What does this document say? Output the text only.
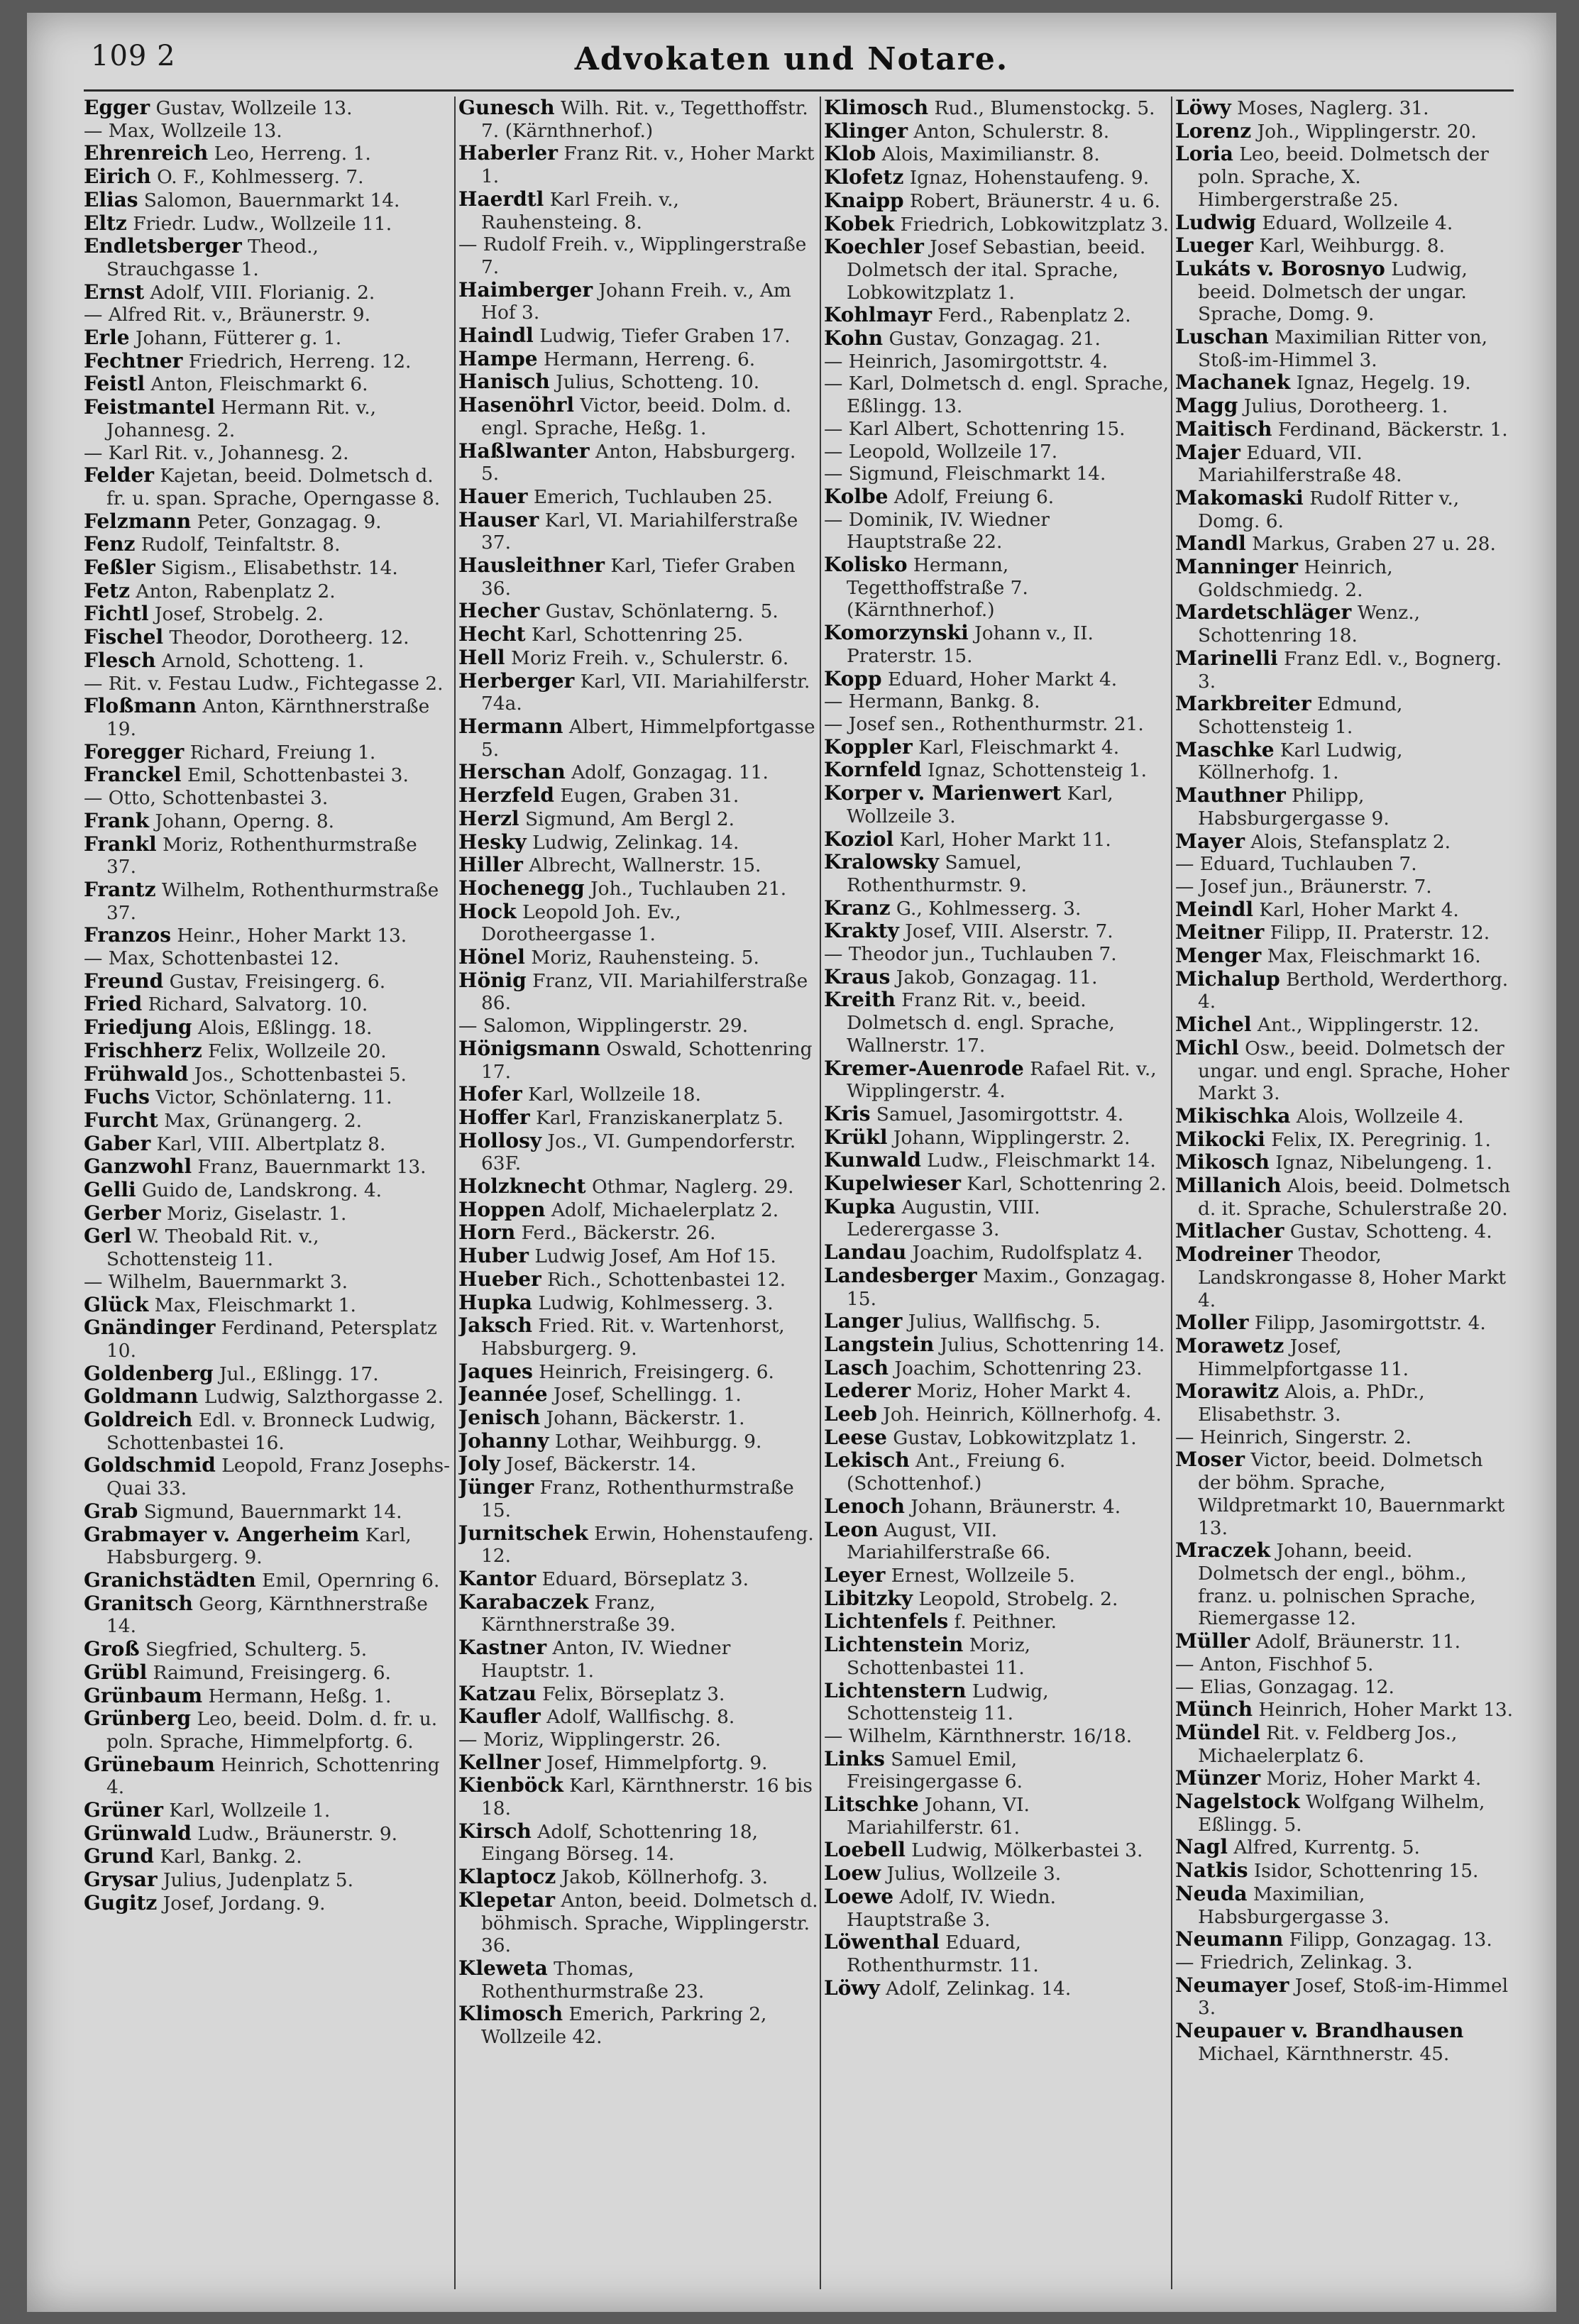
109 2	Advokaten und Notare.
Egger Gustav, Wollzeile 13.
— Max, Wollzeile 13.
Ehrenreich Leo, Herreng. 1.
Eirich O. F., Kohlmesserg. 7.
Elias Salomon, Bauernmarkt 14.
Eltz Friedr. Ludw., Wollzeile 11.
Endletsberger Theod., Strauchgasse 1.
Ernst Adolf, VIII. Florianig. 2.
— Alfred Rit. v., Bräunerstr. 9.
Erle Johann, Fütterer g. 1.
Fechtner Friedrich, Herreng. 12.
Feistl Anton, Fleischmarkt 6.
Feistmantel Hermann Rit. v., Johannesg. 2.
— Karl Rit. v., Johannesg. 2.
Felder Kajetan, beeid. Dolmetsch d. fr. u. span. Sprache, Operngasse 8.
Felzmann Peter, Gonzagag. 9.
Fenz Rudolf, Teinfaltstr. 8.
Feßler Sigism., Elisabethstr. 14.
Fetz Anton, Rabenplatz 2.
Fichtl Josef, Strobelg. 2.
Fischel Theodor, Dorotheerg. 12.
Flesch Arnold, Schotteng. 1.
— Rit. v. Festau Ludw., Fichtegasse 2.
Floßmann Anton, Kärnthnerstraße 19.
Foregger Richard, Freiung 1.
Franckel Emil, Schottenbastei 3.
— Otto, Schottenbastei 3.
Frank Johann, Operng. 8.
Frankl Moriz, Rothenthurmstraße 37.
Frantz Wilhelm, Rothenthurmstraße 37.
Franzos Heinr., Hoher Markt 13.
— Max, Schottenbastei 12.
Freund Gustav, Freisingerg. 6.
Fried Richard, Salvatorg. 10.
Friedjung Alois, Eßlingg. 18.
Frischherz Felix, Wollzeile 20.
Frühwald Jos., Schottenbastei 5.
Fuchs Victor, Schönlaterng. 11.
Furcht Max, Grünangerg. 2.
Gaber Karl, VIII. Albertplatz 8.
Ganzwohl Franz, Bauernmarkt 13.
Gelli Guido de, Landskrong. 4.
Gerber Moriz, Giselastr. 1.
Gerl W. Theobald Rit. v., Schottensteig 11.
— Wilhelm, Bauernmarkt 3.
Glück Max, Fleischmarkt 1.
Gnändinger Ferdinand, Petersplatz 10.
Goldenberg Jul., Eßlingg. 17.
Goldmann Ludwig, Salzthorgasse 2.
Goldreich Edl. v. Bronneck Ludwig, Schottenbastei 16.
Goldschmid Leopold, Franz Josephs-Quai 33.
Grab Sigmund, Bauernmarkt 14.
Grabmayer v. Angerheim Karl, Habsburgerg. 9.
Granichstädten Emil, Opernring 6.
Granitsch Georg, Kärnthnerstraße 14.
Groß Siegfried, Schulterg. 5.
Grübl Raimund, Freisingerg. 6.
Grünbaum Hermann, Heßg. 1.
Grünberg Leo, beeid. Dolm. d. fr. u. poln. Sprache, Himmelpfortg. 6.
Grünebaum Heinrich, Schottenring 4.
Grüner Karl, Wollzeile 1.
Grünwald Ludw., Bräunerstr. 9.
Grund Karl, Bankg. 2.
Grysar Julius, Judenplatz 5.
Gugitz Josef, Jordang. 9.
Gunesch Wilh. Rit. v., Tegetthoffstr. 7. (Kärnthnerhof.)
Haberler Franz Rit. v., Hoher Markt 1.
Haerdtl Karl Freih. v., Rauhensteing. 8.
— Rudolf Freih. v., Wipplingerstraße 7.
Haimberger Johann Freih. v., Am Hof 3.
Haindl Ludwig, Tiefer Graben 17.
Hampe Hermann, Herreng. 6.
Hanisch Julius, Schotteng. 10.
Hasenöhrl Victor, beeid. Dolm. d. engl. Sprache, Heßg. 1.
Haßlwanter Anton, Habsburgerg. 5.
Hauer Emerich, Tuchlauben 25.
Hauser Karl, VI. Mariahilferstraße 37.
Hausleithner Karl, Tiefer Graben 36.
Hecher Gustav, Schönlaterng. 5.
Hecht Karl, Schottenring 25.
Hell Moriz Freih. v., Schulerstr. 6.
Herberger Karl, VII. Mariahilferstr. 74a.
Hermann Albert, Himmelpfortgasse 5.
Herschan Adolf, Gonzagag. 11.
Herzfeld Eugen, Graben 31.
Herzl Sigmund, Am Bergl 2.
Hesky Ludwig, Zelinkag. 14.
Hiller Albrecht, Wallnerstr. 15.
Hochenegg Joh., Tuchlauben 21.
Hock Leopold Joh. Ev., Dorotheergasse 1.
Hönel Moriz, Rauhensteing. 5.
Hönig Franz, VII. Mariahilferstraße 86.
— Salomon, Wipplingerstr. 29.
Hönigsmann Oswald, Schottenring 17.
Hofer Karl, Wollzeile 18.
Hoffer Karl, Franziskanerplatz 5.
Hollosy Jos., VI. Gumpendorferstr. 63F.
Holzknecht Othmar, Naglerg. 29.
Hoppen Adolf, Michaelerplatz 2.
Horn Ferd., Bäckerstr. 26.
Huber Ludwig Josef, Am Hof 15.
Hueber Rich., Schottenbastei 12.
Hupka Ludwig, Kohlmesserg. 3.
Jaksch Fried. Rit. v. Wartenhorst, Habsburgerg. 9.
Jaques Heinrich, Freisingerg. 6.
Jeannée Josef, Schellingg. 1.
Jenisch Johann, Bäckerstr. 1.
Johanny Lothar, Weihburgg. 9.
Joly Josef, Bäckerstr. 14.
Jünger Franz, Rothenthurmstraße 15.
Jurnitschek Erwin, Hohenstaufeng. 12.
Kantor Eduard, Börseplatz 3.
Karabaczek Franz, Kärnthnerstraße 39.
Kastner Anton, IV. Wiedner Hauptstr. 1.
Katzau Felix, Börseplatz 3.
Kaufler Adolf, Wallfischg. 8.
— Moriz, Wipplingerstr. 26.
Kellner Josef, Himmelpfortg. 9.
Kienböck Karl, Kärnthnerstr. 16 bis 18.
Kirsch Adolf, Schottenring 18, Eingang Börseg. 14.
Klaptocz Jakob, Köllnerhofg. 3.
Klepetar Anton, beeid. Dolmetsch d. böhmisch. Sprache, Wipplingerstr. 36.
Kleweta Thomas, Rothenthurmstraße 23.
Klimosch Emerich, Parkring 2, Wollzeile 42.
Klimosch Rud., Blumenstockg. 5.
Klinger Anton, Schulerstr. 8.
Klob Alois, Maximilianstr. 8.
Klofetz Ignaz, Hohenstaufeng. 9.
Knaipp Robert, Bräunerstr. 4 u. 6.
Kobek Friedrich, Lobkowitzplatz 3.
Koechler Josef Sebastian, beeid. Dolmetsch der ital. Sprache, Lobkowitzplatz 1.
Kohlmayr Ferd., Rabenplatz 2.
Kohn Gustav, Gonzagag. 21.
— Heinrich, Jasomirgottstr. 4.
— Karl, Dolmetsch d. engl. Sprache, Eßlingg. 13.
— Karl Albert, Schottenring 15.
— Leopold, Wollzeile 17.
— Sigmund, Fleischmarkt 14.
Kolbe Adolf, Freiung 6.
— Dominik, IV. Wiedner Hauptstraße 22.
Kolisko Hermann, Tegetthoffstraße 7. (Kärnthnerhof.)
Komorzynski Johann v., II. Praterstr. 15.
Kopp Eduard, Hoher Markt 4.
— Hermann, Bankg. 8.
— Josef sen., Rothenthurmstr. 21.
Koppler Karl, Fleischmarkt 4.
Kornfeld Ignaz, Schottensteig 1.
Korper v. Marienwert Karl, Wollzeile 3.
Koziol Karl, Hoher Markt 11.
Kralowsky Samuel, Rothenthurmstr. 9.
Kranz G., Kohlmesserg. 3.
Krakty Josef, VIII. Alserstr. 7.
— Theodor jun., Tuchlauben 7.
Kraus Jakob, Gonzagag. 11.
Kreith Franz Rit. v., beeid. Dolmetsch d. engl. Sprache, Wallnerstr. 17.
Kremer-Auenrode Rafael Rit. v., Wipplingerstr. 4.
Kris Samuel, Jasomirgottstr. 4.
Krükl Johann, Wipplingerstr. 2.
Kunwald Ludw., Fleischmarkt 14.
Kupelwieser Karl, Schottenring 2.
Kupka Augustin, VIII. Lederergasse 3.
Landau Joachim, Rudolfsplatz 4.
Landesberger Maxim., Gonzagag. 15.
Langer Julius, Wallfischg. 5.
Langstein Julius, Schottenring 14.
Lasch Joachim, Schottenring 23.
Lederer Moriz, Hoher Markt 4.
Leeb Joh. Heinrich, Köllnerhofg. 4.
Leese Gustav, Lobkowitzplatz 1.
Lekisch Ant., Freiung 6. (Schottenhof.)
Lenoch Johann, Bräunerstr. 4.
Leon August, VII. Mariahilferstraße 66.
Leyer Ernest, Wollzeile 5.
Libitzky Leopold, Strobelg. 2.
Lichtenfels f. Peithner.
Lichtenstein Moriz, Schottenbastei 11.
Lichtenstern Ludwig, Schottensteig 11.
— Wilhelm, Kärnthnerstr. 16/18.
Links Samuel Emil, Freisingergasse 6.
Litschke Johann, VI. Mariahilferstr. 61.
Loebell Ludwig, Mölkerbastei 3.
Loew Julius, Wollzeile 3.
Loewe Adolf, IV. Wiedn. Hauptstraße 3.
Löwenthal Eduard, Rothenthurmstr. 11.
Löwy Adolf, Zelinkag. 14.
Löwy Moses, Naglerg. 31.
Lorenz Joh., Wipplingerstr. 20.
Loria Leo, beeid. Dolmetsch der poln. Sprache, X. Himbergerstraße 25.
Ludwig Eduard, Wollzeile 4.
Lueger Karl, Weihburgg. 8.
Lukáts v. Borosnyo Ludwig, beeid. Dolmetsch der ungar. Sprache, Domg. 9.
Luschan Maximilian Ritter von, Stoß-im-Himmel 3.
Machanek Ignaz, Hegelg. 19.
Magg Julius, Dorotheerg. 1.
Maitisch Ferdinand, Bäckerstr. 1.
Majer Eduard, VII. Mariahilferstraße 48.
Makomaski Rudolf Ritter v., Domg. 6.
Mandl Markus, Graben 27 u. 28.
Manninger Heinrich, Goldschmiedg. 2.
Mardetschläger Wenz., Schottenring 18.
Marinelli Franz Edl. v., Bognerg. 3.
Markbreiter Edmund, Schottensteig 1.
Maschke Karl Ludwig, Köllnerhofg. 1.
Mauthner Philipp, Habsburgergasse 9.
Mayer Alois, Stefansplatz 2.
— Eduard, Tuchlauben 7.
— Josef jun., Bräunerstr. 7.
Meindl Karl, Hoher Markt 4.
Meitner Filipp, II. Praterstr. 12.
Menger Max, Fleischmarkt 16.
Michalup Berthold, Werderthorg. 4.
Michel Ant., Wipplingerstr. 12.
Michl Osw., beeid. Dolmetsch der ungar. und engl. Sprache, Hoher Markt 3.
Mikischka Alois, Wollzeile 4.
Mikocki Felix, IX. Peregrinig. 1.
Mikosch Ignaz, Nibelungeng. 1.
Millanich Alois, beeid. Dolmetsch d. it. Sprache, Schulerstraße 20.
Mitlacher Gustav, Schotteng. 4.
Modreiner Theodor, Landskrongasse 8, Hoher Markt 4.
Moller Filipp, Jasomirgottstr. 4.
Morawetz Josef, Himmelpfortgasse 11.
Morawitz Alois, a. PhDr., Elisabethstr. 3.
— Heinrich, Singerstr. 2.
Moser Victor, beeid. Dolmetsch der böhm. Sprache, Wildpretmarkt 10, Bauernmarkt 13.
Mraczek Johann, beeid. Dolmetsch der engl., böhm., franz. u. polnischen Sprache, Riemergasse 12.
Müller Adolf, Bräunerstr. 11.
— Anton, Fischhof 5.
— Elias, Gonzagag. 12.
Münch Heinrich, Hoher Markt 13.
Mündel Rit. v. Feldberg Jos., Michaelerplatz 6.
Münzer Moriz, Hoher Markt 4.
Nagelstock Wolfgang Wilhelm, Eßlingg. 5.
Nagl Alfred, Kurrentg. 5.
Natkis Isidor, Schottenring 15.
Neuda Maximilian, Habsburgergasse 3.
Neumann Filipp, Gonzagag. 13.
— Friedrich, Zelinkag. 3.
Neumayer Josef, Stoß-im-Himmel 3.
Neupauer v. Brandhausen Michael, Kärnthnerstr. 45.
